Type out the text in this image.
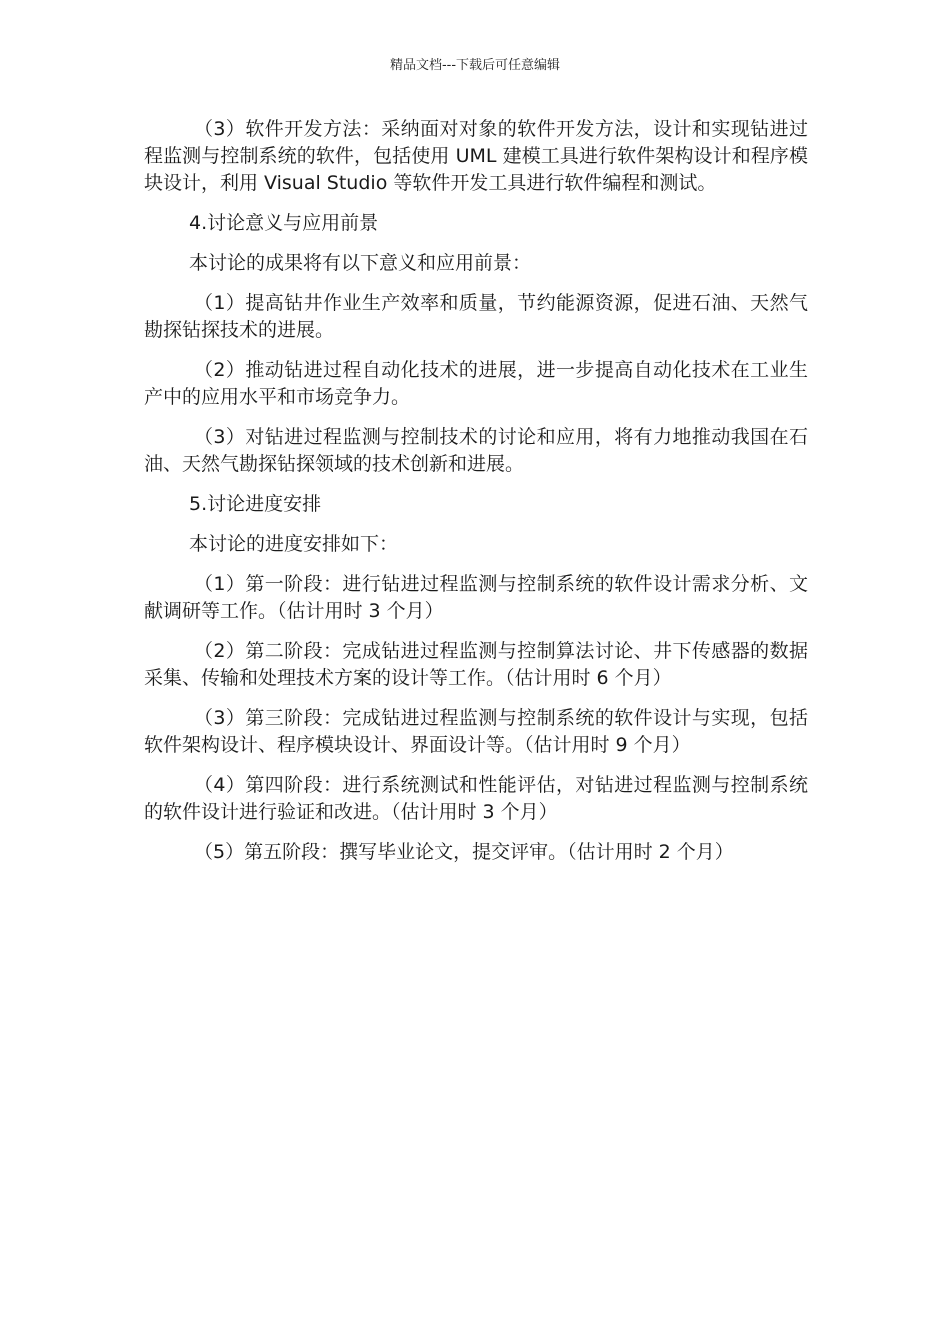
精品文档---下载后可任意编辑

（3）软件开发方法：采纳面对对象的软件开发方法，设计和实现钻进过程监测与控制系统的软件，包括使用 UML 建模工具进行软件架构设计和程序模块设计，利用 Visual Studio 等软件开发工具进行软件编程和测试。

4.讨论意义与应用前景

本讨论的成果将有以下意义和应用前景：

（1）提高钻井作业生产效率和质量，节约能源资源，促进石油、天然气勘探钻探技术的进展。

（2）推动钻进过程自动化技术的进展，进一步提高自动化技术在工业生产中的应用水平和市场竞争力。

（3）对钻进过程监测与控制技术的讨论和应用，将有力地推动我国在石油、天然气勘探钻探领域的技术创新和进展。

5.讨论进度安排

本讨论的进度安排如下：

（1）第一阶段：进行钻进过程监测与控制系统的软件设计需求分析、文献调研等工作。（估计用时 3 个月）

（2）第二阶段：完成钻进过程监测与控制算法讨论、井下传感器的数据采集、传输和处理技术方案的设计等工作。（估计用时 6 个月）

（3）第三阶段：完成钻进过程监测与控制系统的软件设计与实现，包括软件架构设计、程序模块设计、界面设计等。（估计用时 9 个月）

（4）第四阶段：进行系统测试和性能评估，对钻进过程监测与控制系统的软件设计进行验证和改进。（估计用时 3 个月）

（5）第五阶段：撰写毕业论文，提交评审。（估计用时 2 个月）
